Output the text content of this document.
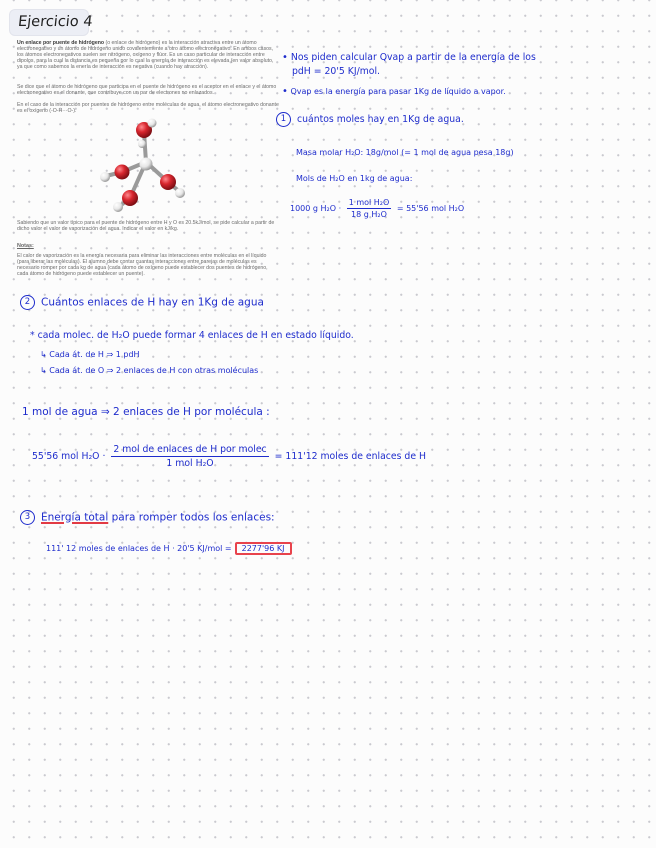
Ejercicio 4

Un enlace por puente de hidrógeno (o enlace de hidrógeno) es la interacción atractiva entre un átomo electronegativo y un átomo de hidrógeno unido covalentemente a otro átomo electronegativo. En ambos casos, los átomos electronegativos suelen ser nitrógeno, oxígeno y flúor. Es un caso particular de interacción entre dipolos, para la cual la distancia es pequeña por lo cual la energía de interacción es elevada (en valor absoluto, ya que como sabemos la enería de interacción es negativa (cuando hay atracción).

Se dice que el átomo de hidrógeno que participa en el puente de hidrógeno es el aceptor en el enlace y el átomo electronegativo es el donante, que contribuye con un par de electrones no enlazados.

En el caso de la interacción por puentes de hidrógeno entre moléculas de agua, el átomo electronegativo donante es el oxígeno (-O-H···O-).

Sabiendo que un valor típico para el puente de hidrógeno entre H y O es 20.5kJ/mol, se pide calcular a partir de dicho valor el valor de vaporización del agua. Indicar el valor en kJ/kg.

Notas:

El calor de vaporización es la energía necesaria para eliminar las interacciones entre moléculas en el líquido (para liberar las moléculas). El alumno debe contar cuantas interacciones entre parejas de moléculas es necesario romper por cada kg de agua (cada átomo de oxígeno puede establecer dos puentes de hidrógeno, cada átomo de hidrógeno puede establecer un puente).

• Nos piden calcular Qvap a partir de la energía de los
pdH = 20'5 KJ/mol.
• Qvap es la energía para pasar 1Kg de líquido a vapor.
1 cuántos moles hay en 1Kg de agua.
Masa molar H₂O: 18g/mol (= 1 mol de agua pesa 18g)
Mols de H₂O en 1kg de agua:
1000 g $H_2O \cdot \frac{\text{1 mol H₂O}}{\text{18 g H₂O}} = 55'56$ mol H₂O
2 Cuántos enlaces de H hay en 1Kg de agua
* cada molec. de H₂O puede formar 4 enlaces de H en estado líquido.
↳ Cada át. de H ⇒ 1 pdH
↳ Cada át. de O ⇒ 2 enlaces de H con otras moléculas
1 mol de agua ⇒ 2 enlaces de H por molécula :
55'56 mol $H_2O \cdot \frac{\text{2 mol de enlaces de H por molec}}{\text{1 mol H₂O}} = 111'12$ moles de enlaces de H
3 Energía total para romper todos los enlaces:
111' 12 moles de enlaces de H · 20'5 KJ/mol = 2277'96 KJ
